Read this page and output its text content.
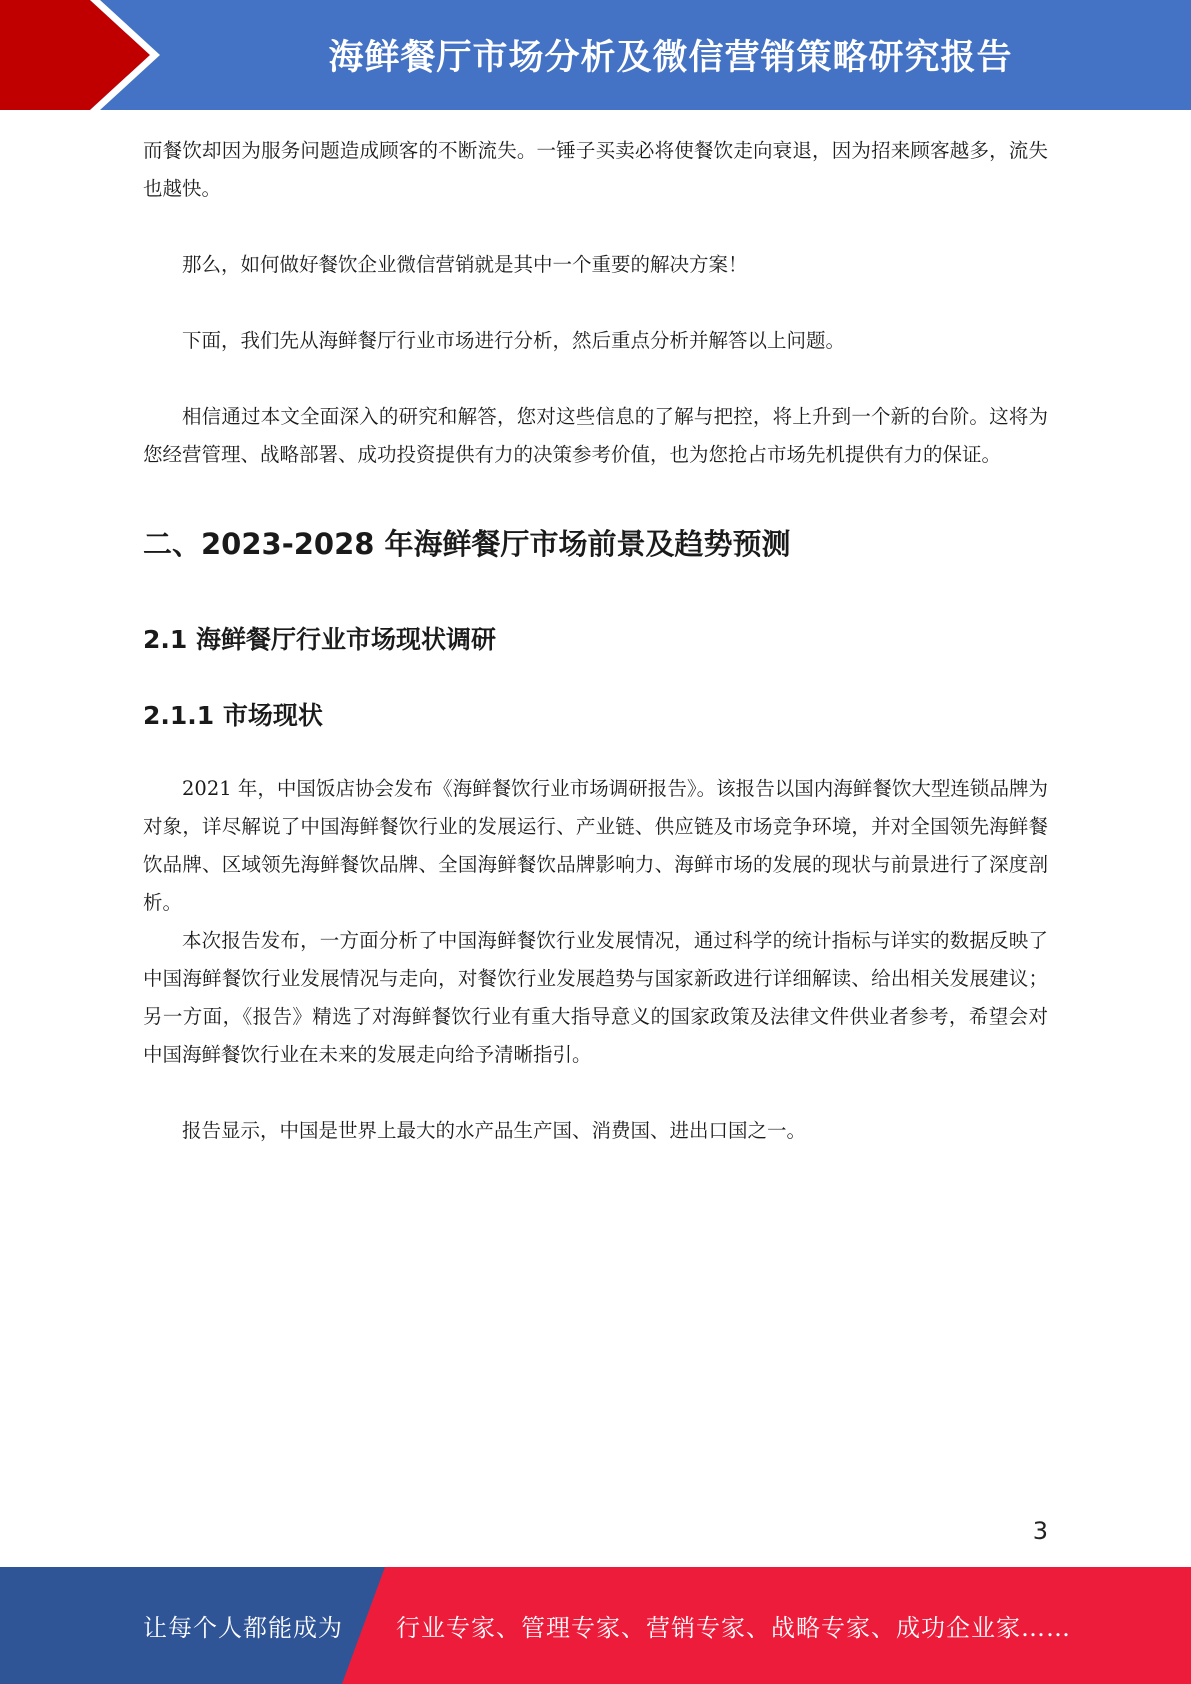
海鲜餐厅市场分析及微信营销策略研究报告

而餐饮却因为服务问题造成顾客的不断流失。一锤子买卖必将使餐饮走向衰退，因为招来顾客越多，流失也越快。

那么，如何做好餐饮企业微信营销就是其中一个重要的解决方案！

下面，我们先从海鲜餐厅行业市场进行分析，然后重点分析并解答以上问题。

相信通过本文全面深入的研究和解答，您对这些信息的了解与把控，将上升到一个新的台阶。这将为您经营管理、战略部署、成功投资提供有力的决策参考价值，也为您抢占市场先机提供有力的保证。

二、2023-2028 年海鲜餐厅市场前景及趋势预测
2.1 海鲜餐厅行业市场现状调研
2.1.1 市场现状

2021 年，中国饭店协会发布《海鲜餐饮行业市场调研报告》。该报告以国内海鲜餐饮大型连锁品牌为对象，详尽解说了中国海鲜餐饮行业的发展运行、产业链、供应链及市场竞争环境，并对全国领先海鲜餐饮品牌、区域领先海鲜餐饮品牌、全国海鲜餐饮品牌影响力、海鲜市场的发展的现状与前景进行了深度剖析。

本次报告发布，一方面分析了中国海鲜餐饮行业发展情况，通过科学的统计指标与详实的数据反映了中国海鲜餐饮行业发展情况与走向，对餐饮行业发展趋势与国家新政进行详细解读、给出相关发展建议；另一方面，《报告》精选了对海鲜餐饮行业有重大指导意义的国家政策及法律文件供业者参考，希望会对中国海鲜餐饮行业在未来的发展走向给予清晰指引。

报告显示，中国是世界上最大的水产品生产国、消费国、进出口国之一。

3
让每个人都能成为 行业专家、管理专家、营销专家、战略专家、成功企业家……
